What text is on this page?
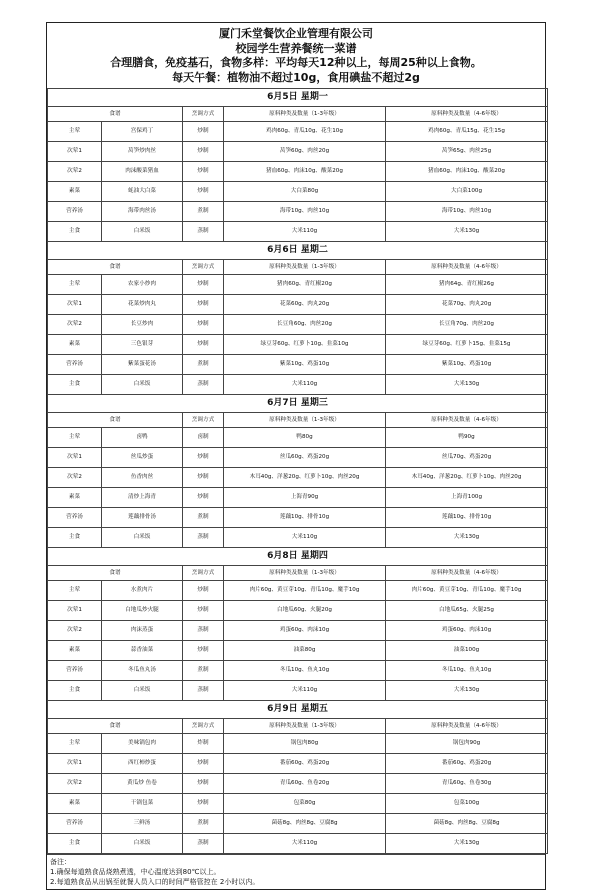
厦门禾堂餐饮企业管理有限公司
校园学生营养餐统一菜谱
合理膳食，免疫基石，食物多样：平均每天12种以上，每周25种以上食物。
每天午餐：植物油不超过10g，食用碘盐不超过2g
6月5日 星期一				
食谱		烹调方式	原料种类及数量（1-3年级）	原料种类及数量（4-6年级）
主荤	宫保鸡丁	炒制	鸡肉60g、青瓜10g、花生10g	鸡肉60g、青瓜15g、花生15g
次荤1	莴笋炒肉丝	炒制	莴笋60g、肉丝20g	莴笋65g、肉丝25g
次荤2	肉沫酸菜猪血	炒制	猪血60g、肉沫10g、酸菜20g	猪血60g、肉沫10g、酸菜20g
素菜	蚝油大白菜	炒制	大白菜80g	大白菜100g
营养汤	海带肉丝汤	煮制	海带10g、肉丝10g	海带10g、肉丝10g
主食	白米饭	蒸制	大米110g	大米130g
6月6日 星期二				
食谱		烹调方式	原料种类及数量（1-3年级）	原料种类及数量（4-6年级）
主荤	农家小炒肉	炒制	猪肉60g、青红椒20g	猪肉64g、青红椒26g
次荤1	花菜炒肉丸	炒制	花菜60g、肉丸20g	花菜70g、肉丸20g
次荤2	长豆炒肉	炒制	长豆角60g、肉丝20g	长豆角70g、肉丝20g
素菜	三色银芽	炒制	绿豆芽60g、红萝卜10g、韭菜10g	绿豆芽60g、红萝卜15g、韭菜15g
营养汤	紫菜蛋花汤	煮制	紫菜10g、鸡蛋10g	紫菜10g、鸡蛋10g
主食	白米饭	蒸制	大米110g	大米130g
6月7日 星期三				
食谱		烹调方式	原料种类及数量（1-3年级）	原料种类及数量（4-6年级）
主荤	卤鸭	卤制	鸭80g	鸭90g
次荤1	丝瓜炒蛋	炒制	丝瓜60g、鸡蛋20g	丝瓜70g、鸡蛋20g
次荤2	鱼香肉丝	炒制	木耳40g、洋葱20g、红萝卜10g、肉丝20g	木耳40g、洋葱20g、红萝卜10g、肉丝20g
素菜	清炒上海青	炒制	上海青90g	上海青100g
营养汤	莲藕排骨汤	煮制	莲藕10g、排骨10g	莲藕10g、排骨10g
主食	白米饭	蒸制	大米110g	大米130g
6月8日 星期四				
食谱		烹调方式	原料种类及数量（1-3年级）	原料种类及数量（4-6年级）
主荤	水煮肉片	炒制	肉片60g、黄豆芽10g、青瓜10g、魔芋10g	肉片60g、黄豆芽10g、青瓜10g、魔芋10g
次荤1	白地瓜炒火腿	炒制	白地瓜60g、火腿20g	白地瓜65g、火腿25g
次荤2	肉沫蒸蛋	蒸制	鸡蛋60g、肉沫10g	鸡蛋60g、肉沫10g
素菜	蒜香油菜	炒制	油菜80g	油菜100g
营养汤	冬瓜鱼丸汤	煮制	冬瓜10g、鱼丸10g	冬瓜10g、鱼丸10g
主食	白米饭	蒸制	大米110g	大米130g
6月9日 星期五				
食谱		烹调方式	原料种类及数量（1-3年级）	原料种类及数量（4-6年级）
主荤	美味锅包肉	炸制	锅包肉80g	锅包肉90g
次荤1	西红柿炒蛋	炒制	番茄60g、鸡蛋20g	番茄60g、鸡蛋20g
次荤2	黄瓜炒 鱼卷	炒制	青瓜60g、鱼卷20g	青瓜60g、鱼卷30g
素菜	干锅包菜	炒制	包菜80g	包菜100g
营养汤	三鲜汤	煮制	菌菇8g、肉丝8g、豆腐8g	菌菇8g、肉丝8g、豆腐8g
主食	白米饭	蒸制	大米110g	大米130g
备注：
1.确保每道熟食品烧熟煮透，中心温度达到80℃以上。
2.每道熟食品从出锅至就餐人员入口的时间严格管控在 2小时以内。
